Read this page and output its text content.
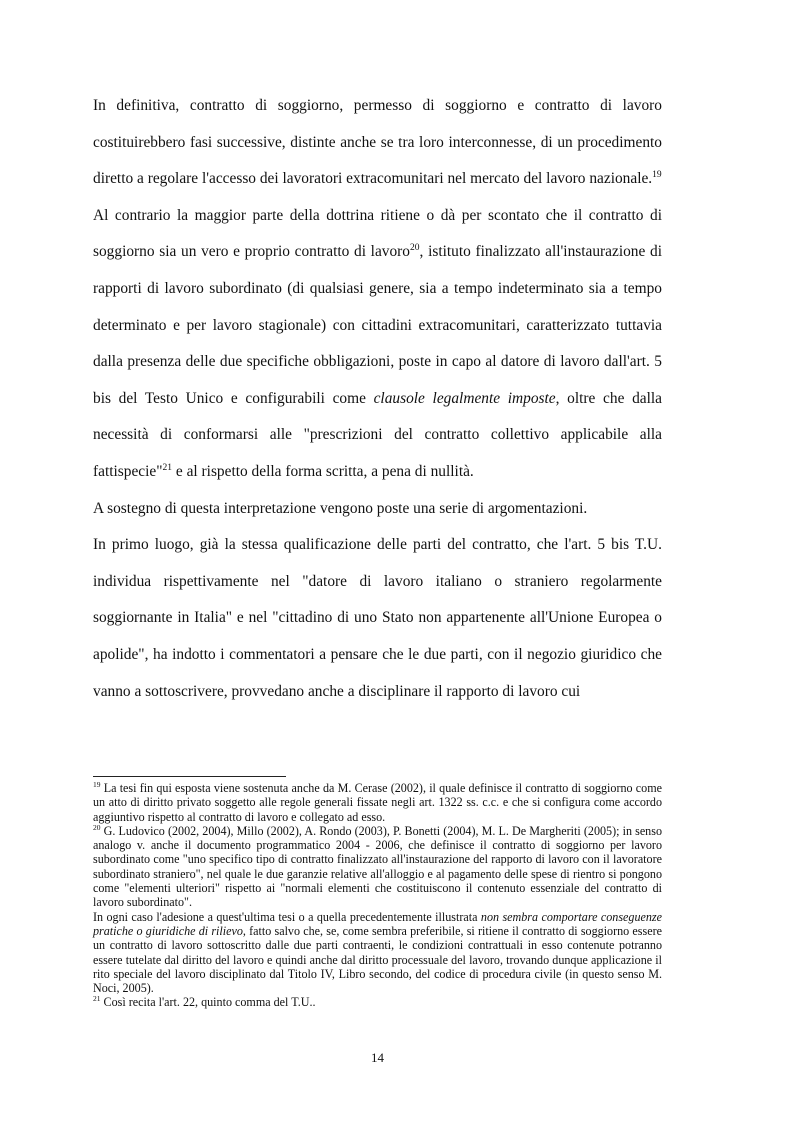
In definitiva, contratto di soggiorno, permesso di soggiorno e contratto di lavoro costituirebbero fasi successive, distinte anche se tra loro interconnesse, di un procedimento diretto a regolare l'accesso dei lavoratori extracomunitari nel mercato del lavoro nazionale.$^{19}$

Al contrario la maggior parte della dottrina ritiene o dà per scontato che il contratto di soggiorno sia un vero e proprio contratto di lavoro$^{20}$, istituto finalizzato all'instaurazione di rapporti di lavoro subordinato (di qualsiasi genere, sia a tempo indeterminato sia a tempo determinato e per lavoro stagionale) con cittadini extracomunitari, caratterizzato tuttavia dalla presenza delle due specifiche obbligazioni, poste in capo al datore di lavoro dall'art. 5 bis del Testo Unico e configurabili come clausole legalmente imposte, oltre che dalla necessità di conformarsi alle "prescrizioni del contratto collettivo applicabile alla fattispecie"$^{21}$ e al rispetto della forma scritta, a pena di nullità.

A sostegno di questa interpretazione vengono poste una serie di argomentazioni.

In primo luogo, già la stessa qualificazione delle parti del contratto, che l'art. 5 bis T.U. individua rispettivamente nel "datore di lavoro italiano o straniero regolarmente soggiornante in Italia" e nel "cittadino di uno Stato non appartenente all'Unione Europea o apolide", ha indotto i commentatori a pensare che le due parti, con il negozio giuridico che vanno a sottoscrivere, provvedano anche a disciplinare il rapporto di lavoro cui

$^{19}$ La tesi fin qui esposta viene sostenuta anche da M. Cerase (2002), il quale definisce il contratto di soggiorno come un atto di diritto privato soggetto alle regole generali fissate negli art. 1322 ss. c.c. e che si configura come accordo aggiuntivo rispetto al contratto di lavoro e collegato ad esso.

$^{20}$ G. Ludovico (2002, 2004), Millo (2002), A. Rondo (2003), P. Bonetti (2004), M. L. De Margheriti (2005); in senso analogo v. anche il documento programmatico 2004 - 2006, che definisce il contratto di soggiorno per lavoro subordinato come "uno specifico tipo di contratto finalizzato all'instaurazione del rapporto di lavoro con il lavoratore subordinato straniero", nel quale le due garanzie relative all'alloggio e al pagamento delle spese di rientro si pongono come "elementi ulteriori" rispetto ai "normali elementi che costituiscono il contenuto essenziale del contratto di lavoro subordinato".

In ogni caso l'adesione a quest'ultima tesi o a quella precedentemente illustrata non sembra comportare conseguenze pratiche o giuridiche di rilievo, fatto salvo che, se, come sembra preferibile, si ritiene il contratto di soggiorno essere un contratto di lavoro sottoscritto dalle due parti contraenti, le condizioni contrattuali in esso contenute potranno essere tutelate dal diritto del lavoro e quindi anche dal diritto processuale del lavoro, trovando dunque applicazione il rito speciale del lavoro disciplinato dal Titolo IV, Libro secondo, del codice di procedura civile (in questo senso M. Noci, 2005).

$^{21}$ Così recita l'art. 22, quinto comma del T.U..

14
